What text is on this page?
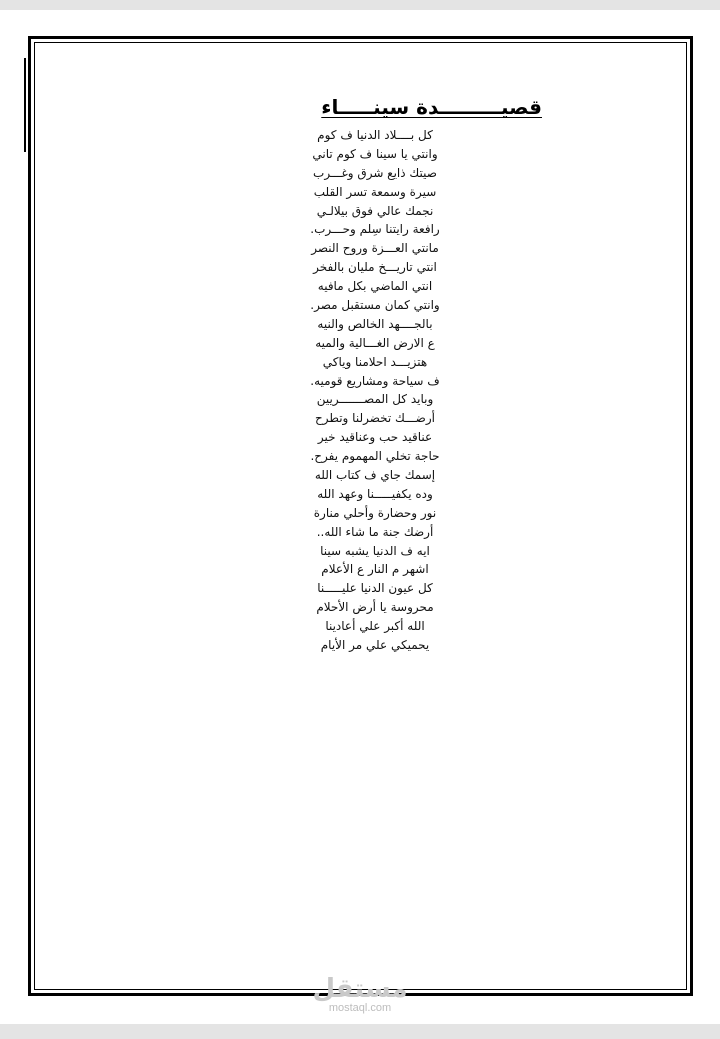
قصيـــــــــدة سينـــــاء
كل بــــلاد الدنيا ف كوم
وانتي يا سينا ف كوم تاني
صيتك ذايع شرق وغـــرب
سيرة وسمعة تسر القلب
نجمك عالي فوق بيلالـي
رافعة رايتنا سِلم وحـــرب.
مانتي العـــزة وروح النصر
انتي تاريـــخ مليان بالفخر
انتي الماضي بكل مافيه
وانتي كمان مستقبل مصر.
بالجــــهد الخالص والنيه
ع الارض الغـــالية والميه
هتزيـــد احلامنا وياكي
ف سياحة ومشاريع قوميه.
وبايد كل المصـــــــريين
أرضـــك تخضرلنا وتطرح
عناقيد حب وعناقيد خير
حاجة تخلي المهموم يفرح.
إسمك جاي ف كتاب الله
وده يكفيـــــنا وعهد الله
نور وحضارة وأحلي منارة
أرضك جنة ما شاء الله..
ايه ف الدنيا يشبه سينا
اشهر م النار ع الأعلام
كل عيون الدنيا عليـــــنا
محروسة يا أرض الأحلام
الله أكبر علي أعادينا
يحميكي علي مر الأيام
مستقل
mostaql.com
